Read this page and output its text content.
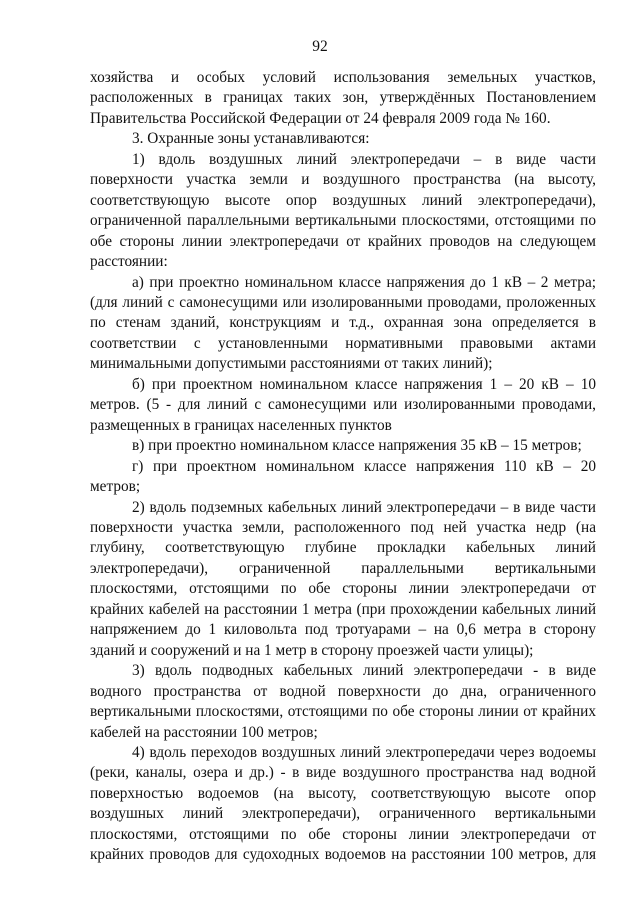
92

хозяйства и особых условий использования земельных участков, расположенных в границах таких зон, утверждённых Постановлением Правительства Российской Федерации от 24 февраля 2009 года № 160.

3. Охранные зоны устанавливаются:

1) вдоль воздушных линий электропередачи – в виде части поверхности участка земли и воздушного пространства (на высоту, соответствующую высоте опор воздушных линий электропередачи), ограниченной параллельными вертикальными плоскостями, отстоящими по обе стороны линии электропередачи от крайних проводов на следующем расстоянии:

а) при проектно номинальном классе напряжения до 1 кВ – 2 метра; (для линий с самонесущими или изолированными проводами, проложенных по стенам зданий, конструкциям и т.д., охранная зона определяется в соответствии с установленными нормативными правовыми актами минимальными допустимыми расстояниями от таких линий);

б) при проектном номинальном классе напряжения 1 – 20 кВ – 10 метров. (5 - для линий с самонесущими или изолированными проводами, размещенных в границах населенных пунктов

в) при проектно номинальном классе напряжения 35 кВ – 15 метров;

г) при проектном номинальном классе напряжения 110 кВ – 20 метров;

2) вдоль подземных кабельных линий электропередачи – в виде части поверхности участка земли, расположенного под ней участка недр (на глубину, соответствующую глубине прокладки кабельных линий электропередачи), ограниченной параллельными вертикальными плоскостями, отстоящими по обе стороны линии электропередачи от крайних кабелей на расстоянии 1 метра (при прохождении кабельных линий напряжением до 1 киловольта под тротуарами – на 0,6 метра в сторону зданий и сооружений и на 1 метр в сторону проезжей части улицы);

3) вдоль подводных кабельных линий электропередачи - в виде водного пространства от водной поверхности до дна, ограниченного вертикальными плоскостями, отстоящими по обе стороны линии от крайних кабелей на расстоянии 100 метров;

4) вдоль переходов воздушных линий электропередачи через водоемы (реки, каналы, озера и др.) - в виде воздушного пространства над водной поверхностью водоемов (на высоту, соответствующую высоте опор воздушных линий электропередачи), ограниченного вертикальными плоскостями, отстоящими по обе стороны линии электропередачи от крайних проводов для судоходных водоемов на расстоянии 100 метров, для
